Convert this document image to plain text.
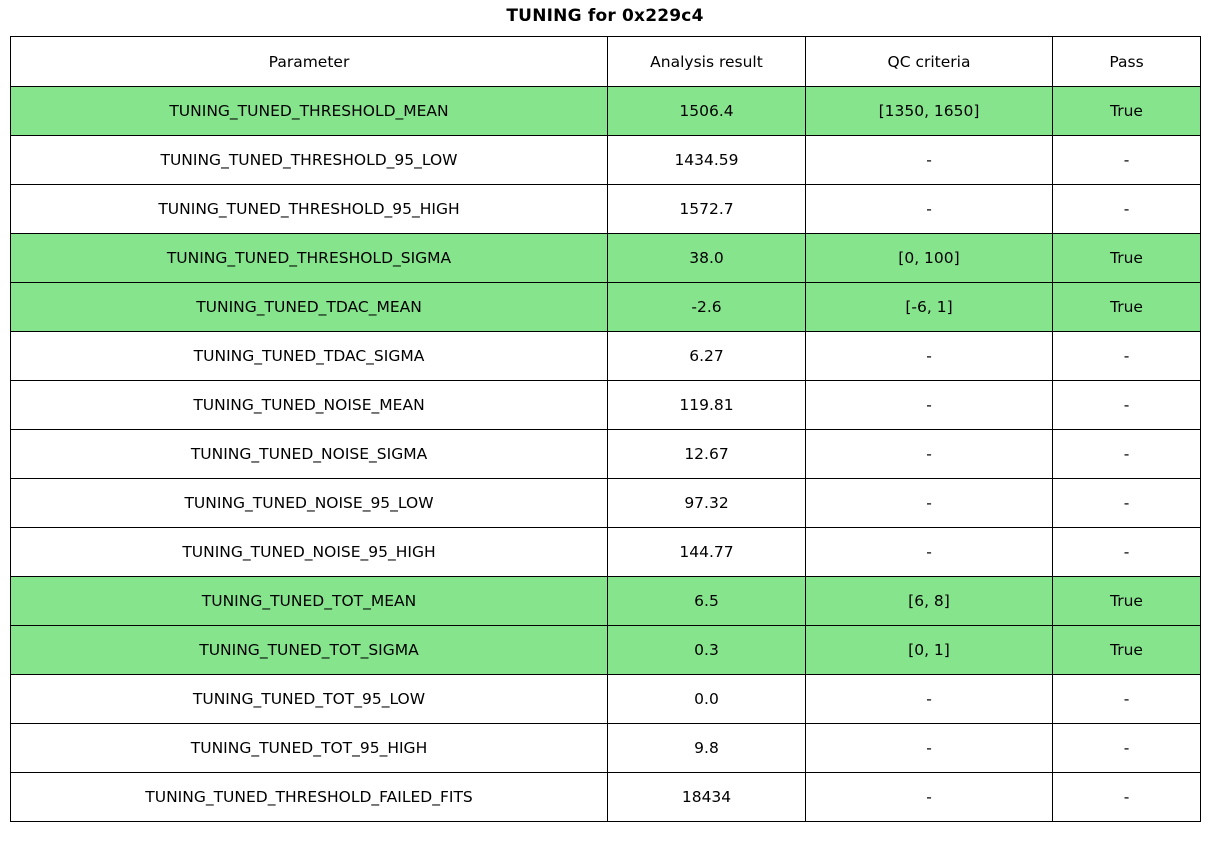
TUNING for 0x229c4
Parameter	Analysis result	QC criteria	Pass
TUNING_TUNED_THRESHOLD_MEAN	1506.4	[1350, 1650]	True
TUNING_TUNED_THRESHOLD_95_LOW	1434.59	-	-
TUNING_TUNED_THRESHOLD_95_HIGH	1572.7	-	-
TUNING_TUNED_THRESHOLD_SIGMA	38.0	[0, 100]	True
TUNING_TUNED_TDAC_MEAN	-2.6	[-6, 1]	True
TUNING_TUNED_TDAC_SIGMA	6.27	-	-
TUNING_TUNED_NOISE_MEAN	119.81	-	-
TUNING_TUNED_NOISE_SIGMA	12.67	-	-
TUNING_TUNED_NOISE_95_LOW	97.32	-	-
TUNING_TUNED_NOISE_95_HIGH	144.77	-	-
TUNING_TUNED_TOT_MEAN	6.5	[6, 8]	True
TUNING_TUNED_TOT_SIGMA	0.3	[0, 1]	True
TUNING_TUNED_TOT_95_LOW	0.0	-	-
TUNING_TUNED_TOT_95_HIGH	9.8	-	-
TUNING_TUNED_THRESHOLD_FAILED_FITS	18434	-	-
